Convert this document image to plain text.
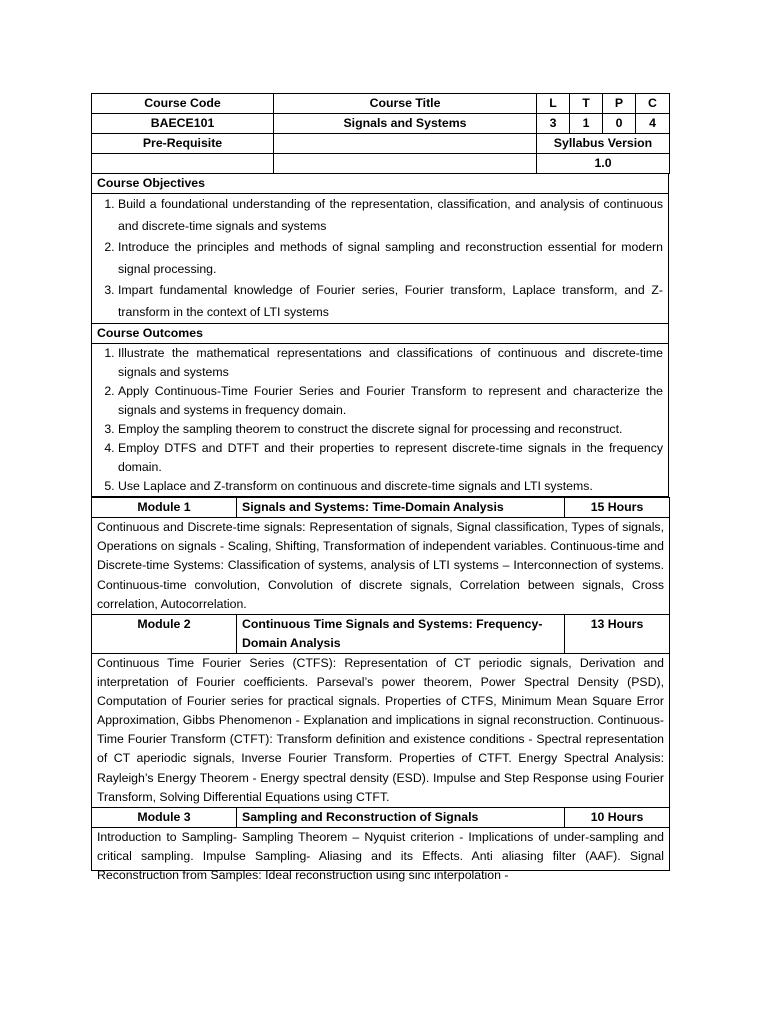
Course Code	Course Title	L	T	P	C
BAECE101	Signals and Systems	3	1	0	4
Pre-Requisite		Syllabus Version			
		1.0			
Course Objectives

1. Build a foundational understanding of the representation, classification, and analysis of continuous and discrete-time signals and systems
2. Introduce the principles and methods of signal sampling and reconstruction essential for modern signal processing.
3. Impart fundamental knowledge of Fourier series, Fourier transform, Laplace transform, and Z-transform in the context of LTI systems

Course Outcomes

1. Illustrate the mathematical representations and classifications of continuous and discrete-time signals and systems
2. Apply Continuous-Time Fourier Series and Fourier Transform to represent and characterize the signals and systems in frequency domain.
3. Employ the sampling theorem to construct the discrete signal for processing and reconstruct.
4. Employ DTFS and DTFT and their properties to represent discrete-time signals in the frequency domain.
5. Use Laplace and Z-transform on continuous and discrete-time signals and LTI systems.
Module 1	Signals and Systems: Time-Domain Analysis	15 Hours
Continuous and Discrete-time signals: Representation of signals, Signal classification, Types of signals, Operations on signals - Scaling, Shifting, Transformation of independent variables. Continuous-time and Discrete-time Systems: Classification of systems, analysis of LTI systems – Interconnection of systems. Continuous-time convolution, Convolution of discrete signals, Correlation between signals, Cross correlation, Autocorrelation.		
Module 2	Continuous Time Signals and Systems: Frequency-Domain Analysis	13 Hours
Continuous Time Fourier Series (CTFS): Representation of CT periodic signals, Derivation and interpretation of Fourier coefficients. Parseval’s power theorem, Power Spectral Density (PSD), Computation of Fourier series for practical signals. Properties of CTFS, Minimum Mean Square Error Approximation, Gibbs Phenomenon - Explanation and implications in signal reconstruction. Continuous-Time Fourier Transform (CTFT): Transform definition and existence conditions - Spectral representation of CT aperiodic signals, Inverse Fourier Transform. Properties of CTFT. Energy Spectral Analysis: Rayleigh’s Energy Theorem - Energy spectral density (ESD). Impulse and Step Response using Fourier Transform, Solving Differential Equations using CTFT.		
Module 3	Sampling and Reconstruction of Signals	10 Hours

Introduction to Sampling- Sampling Theorem – Nyquist criterion - Implications of under-sampling and critical sampling. Impulse Sampling- Aliasing and its Effects. Anti aliasing filter (AAF). Signal Reconstruction from Samples: Ideal reconstruction using sinc interpolation -		
